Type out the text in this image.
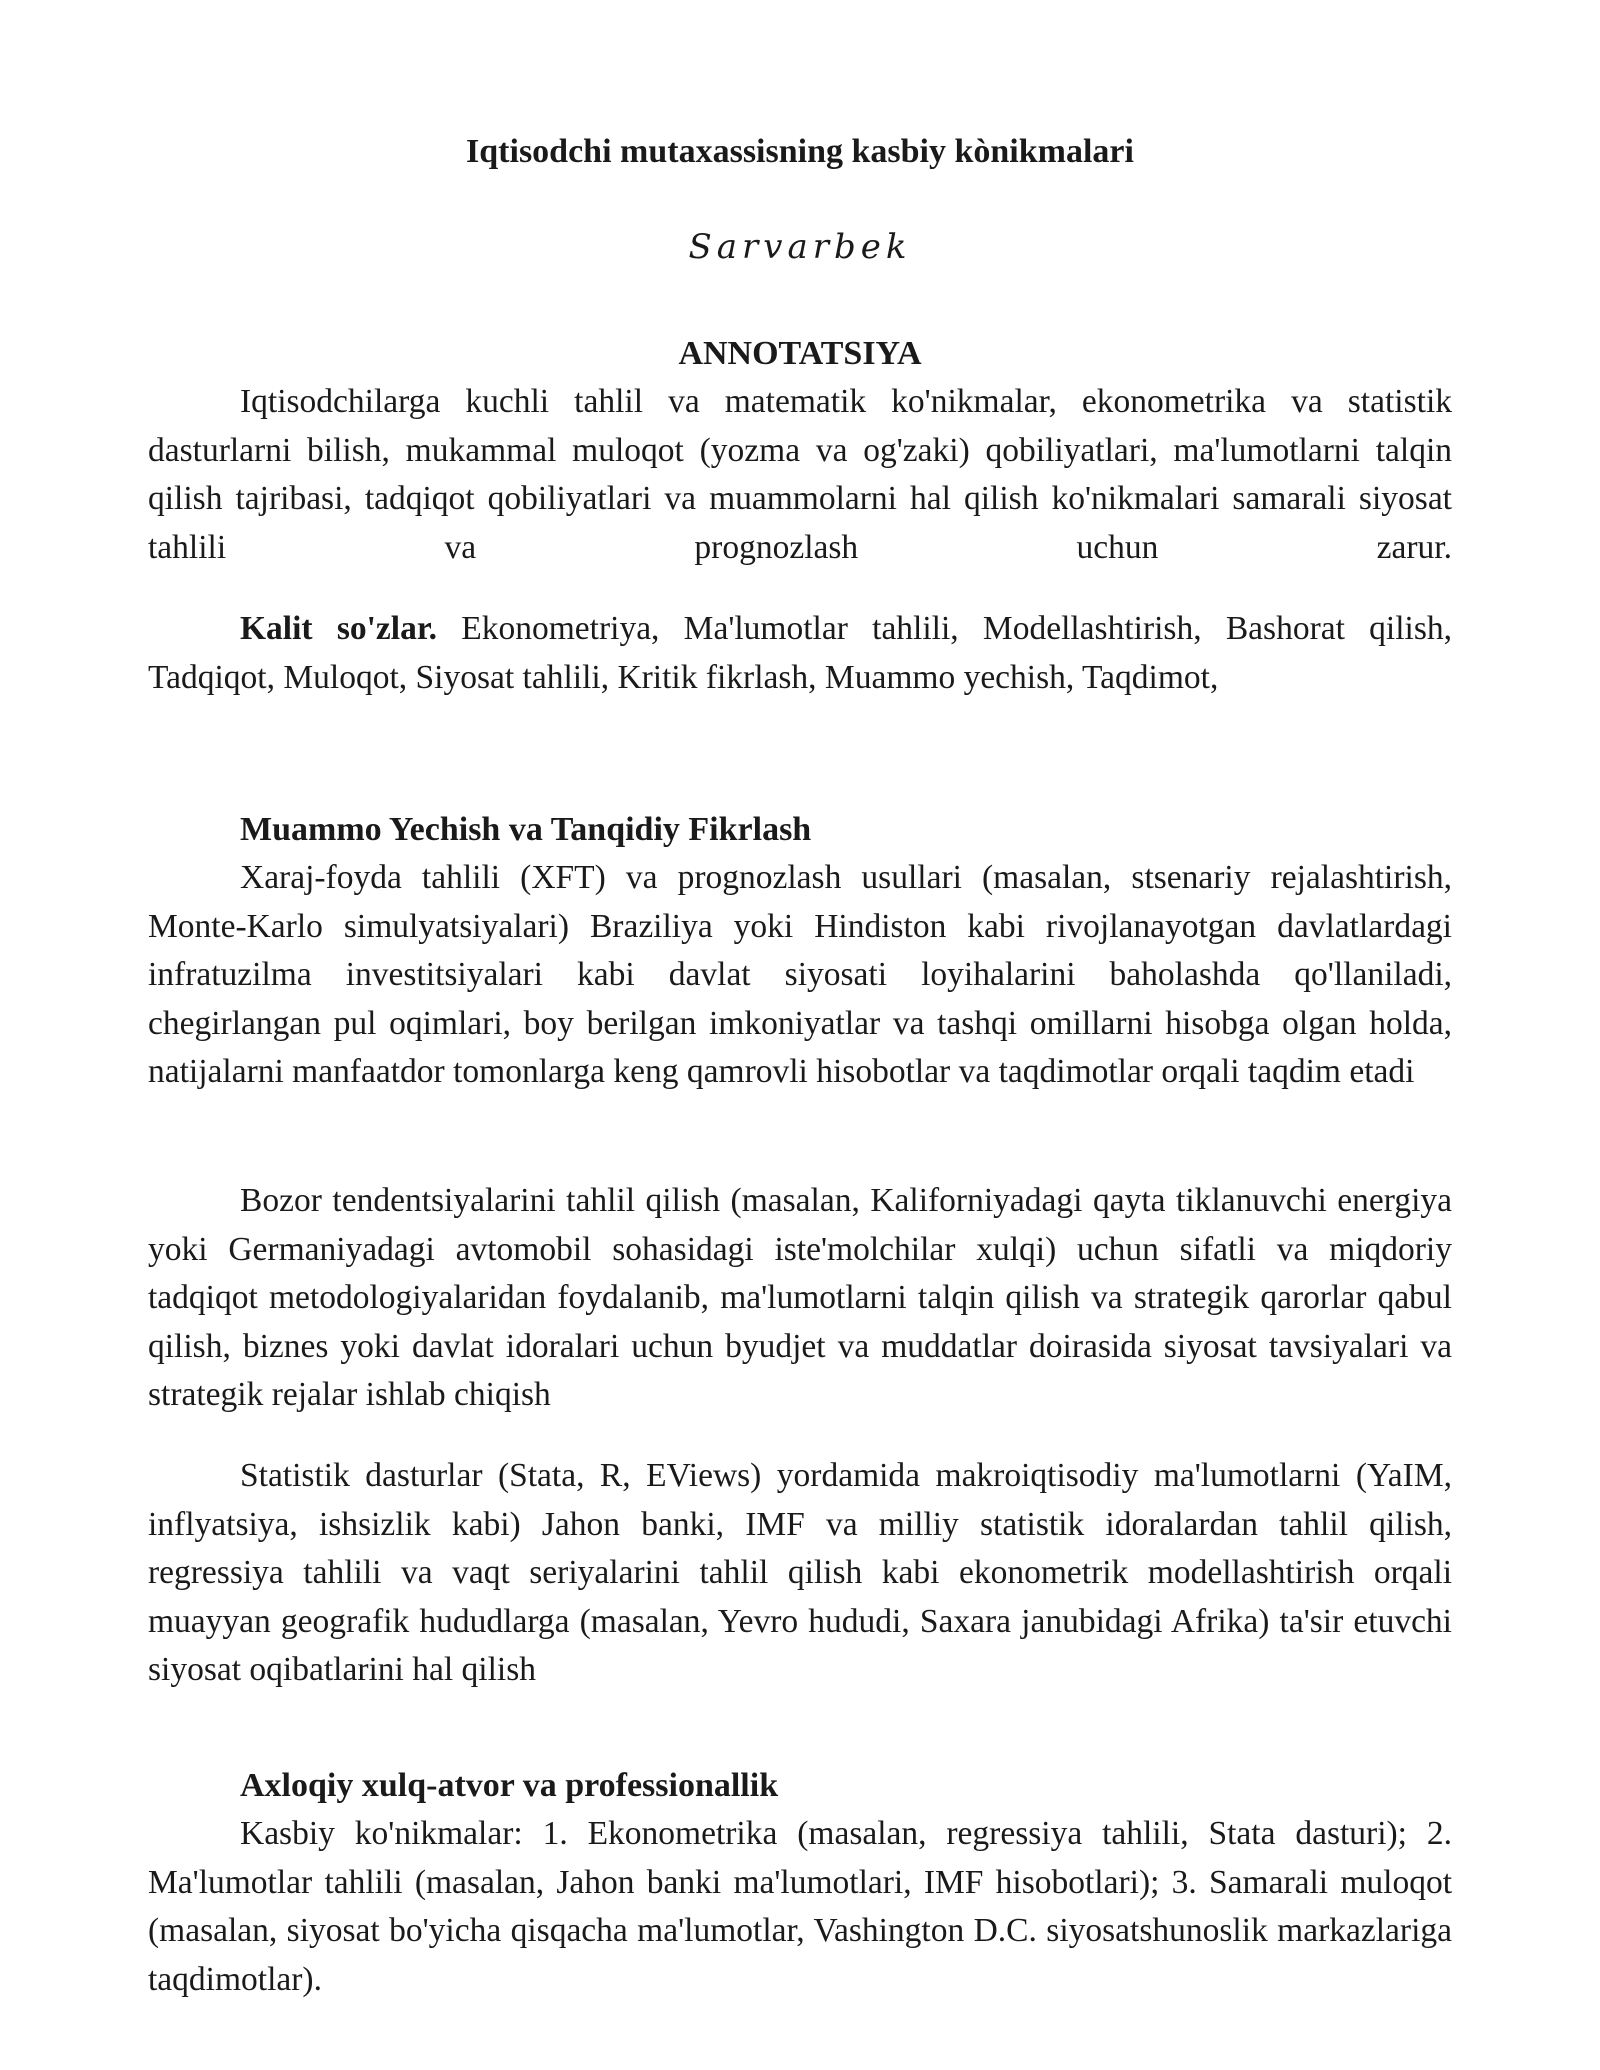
Iqtisodchi mutaxassisning kasbiy kònikmalari
Sarvarbek
ANNOTATSIYA

Iqtisodchilarga kuchli tahlil va matematik ko'nikmalar, ekonometrika va statistik dasturlarni bilish, mukammal muloqot (yozma va og'zaki) qobiliyatlari, ma'lumotlarni talqin qilish tajribasi, tadqiqot qobiliyatlari va muammolarni hal qilish ko'nikmalari samarali siyosat tahlili va prognozlash uchun zarur.

Kalit so'zlar. Ekonometriya, Ma'lumotlar tahlili, Modellashtirish, Bashorat qilish, Tadqiqot, Muloqot, Siyosat tahlili, Kritik fikrlash, Muammo yechish, Taqdimot,

Muammo Yechish va Tanqidiy Fikrlash

Xaraj-foyda tahlili (XFT) va prognozlash usullari (masalan, stsenariy rejalashtirish, Monte-Karlo simulyatsiyalari) Braziliya yoki Hindiston kabi rivojlanayotgan davlatlardagi infratuzilma investitsiyalari kabi davlat siyosati loyihalarini baholashda qo'llaniladi, chegirlangan pul oqimlari, boy berilgan imkoniyatlar va tashqi omillarni hisobga olgan holda, natijalarni manfaatdor tomonlarga keng qamrovli hisobotlar va taqdimotlar orqali taqdim etadi

Bozor tendentsiyalarini tahlil qilish (masalan, Kaliforniyadagi qayta tiklanuvchi energiya yoki Germaniyadagi avtomobil sohasidagi iste'molchilar xulqi) uchun sifatli va miqdoriy tadqiqot metodologiyalaridan foydalanib, ma'lumotlarni talqin qilish va strategik qarorlar qabul qilish, biznes yoki davlat idoralari uchun byudjet va muddatlar doirasida siyosat tavsiyalari va strategik rejalar ishlab chiqish

Statistik dasturlar (Stata, R, EViews) yordamida makroiqtisodiy ma'lumotlarni (YaIM, inflyatsiya, ishsizlik kabi) Jahon banki, IMF va milliy statistik idoralardan tahlil qilish, regressiya tahlili va vaqt seriyalarini tahlil qilish kabi ekonometrik modellashtirish orqali muayyan geografik hududlarga (masalan, Yevro hududi, Saxara janubidagi Afrika) ta'sir etuvchi siyosat oqibatlarini hal qilish

Axloqiy xulq-atvor va professionallik

Kasbiy ko'nikmalar: 1. Ekonometrika (masalan, regressiya tahlili, Stata dasturi); 2. Ma'lumotlar tahlili (masalan, Jahon banki ma'lumotlari, IMF hisobotlari); 3. Samarali muloqot (masalan, siyosat bo'yicha qisqacha ma'lumotlar, Vashington D.C. siyosatshunoslik markazlariga taqdimotlar).
